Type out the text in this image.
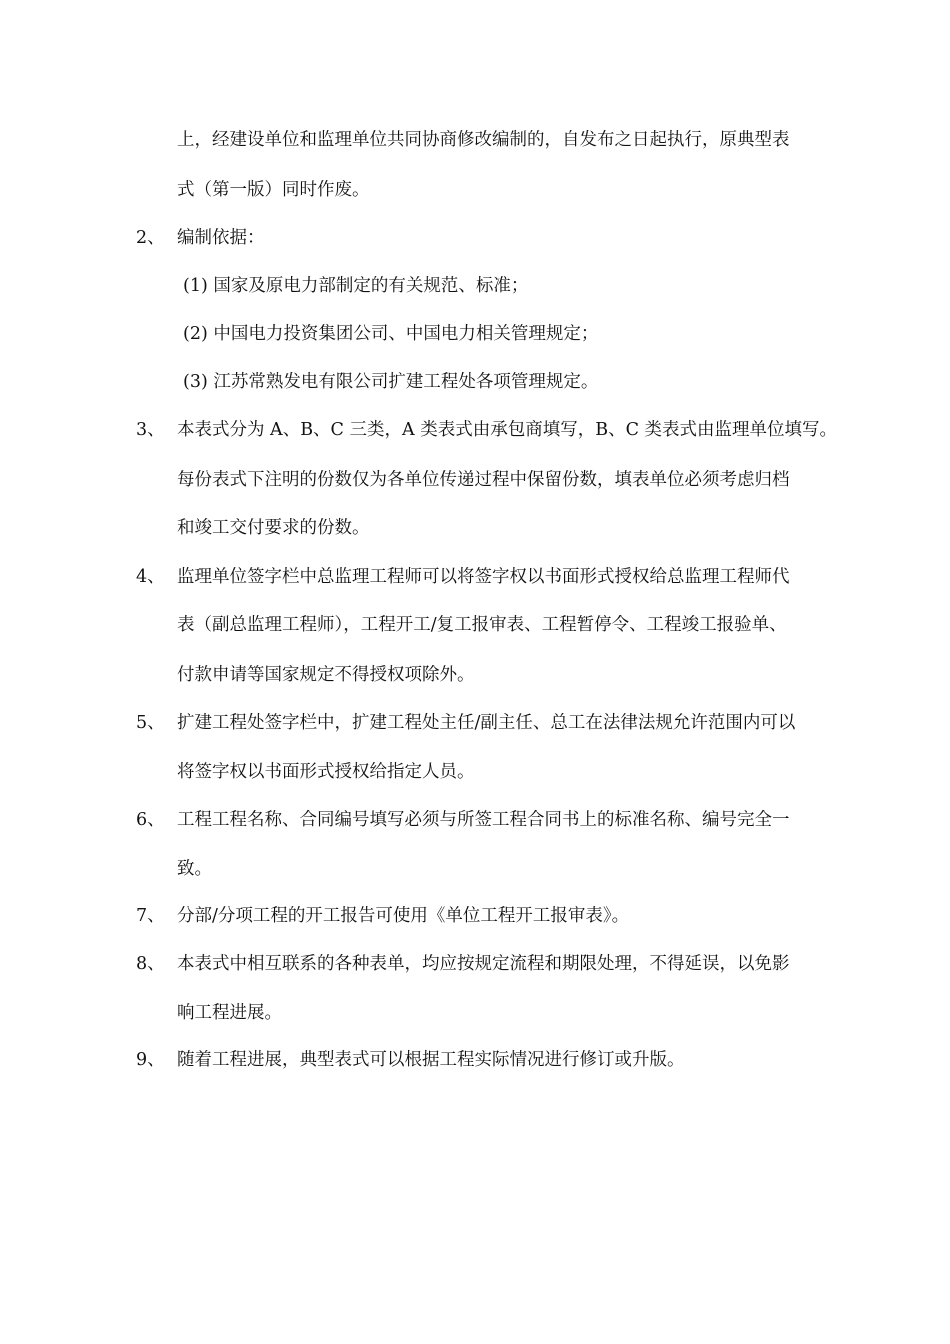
上，经建设单位和监理单位共同协商修改编制的，自发布之日起执行，原典型表
式（第一版）同时作废。
2、 编制依据：
(1) 国家及原电力部制定的有关规范、标准；
(2) 中国电力投资集团公司、中国电力相关管理规定；
(3) 江苏常熟发电有限公司扩建工程处各项管理规定。
3、 本表式分为 A、B、C 三类，A 类表式由承包商填写，B、C 类表式由监理单位填写。
每份表式下注明的份数仅为各单位传递过程中保留份数，填表单位必须考虑归档
和竣工交付要求的份数。
4、 监理单位签字栏中总监理工程师可以将签字权以书面形式授权给总监理工程师代
表（副总监理工程师），工程开工/复工报审表、工程暂停令、工程竣工报验单、
付款申请等国家规定不得授权项除外。
5、 扩建工程处签字栏中，扩建工程处主任/副主任、总工在法律法规允许范围内可以
将签字权以书面形式授权给指定人员。
6、 工程工程名称、合同编号填写必须与所签工程合同书上的标准名称、编号完全一
致。
7、 分部/分项工程的开工报告可使用《单位工程开工报审表》。
8、 本表式中相互联系的各种表单，均应按规定流程和期限处理，不得延误，以免影
响工程进展。
9、 随着工程进展，典型表式可以根据工程实际情况进行修订或升版。
